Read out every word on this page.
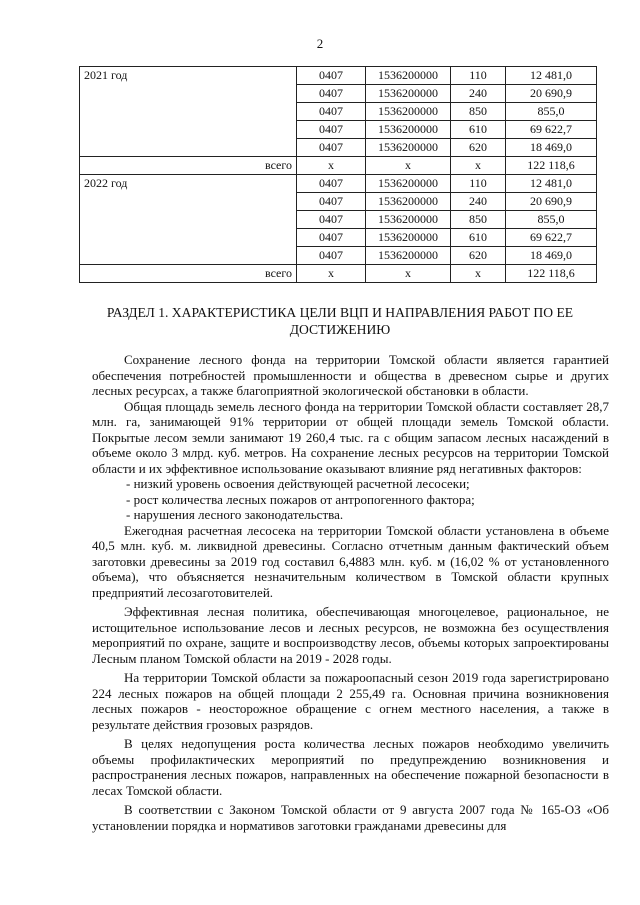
2
2021 год	0407	1536200000	110	12 481,0
	0407	1536200000	240	20 690,9
	0407	1536200000	850	855,0
	0407	1536200000	610	69 622,7
	0407	1536200000	620	18 469,0
всего	х	х	х	122 118,6
2022 год	0407	1536200000	110	12 481,0
	0407	1536200000	240	20 690,9
	0407	1536200000	850	855,0
	0407	1536200000	610	69 622,7
	0407	1536200000	620	18 469,0
всего	х	х	х	122 118,6
РАЗДЕЛ 1. ХАРАКТЕРИСТИКА ЦЕЛИ ВЦП И НАПРАВЛЕНИЯ РАБОТ ПО ЕЕ
ДОСТИЖЕНИЮ

Сохранение лесного фонда на территории Томской области является гарантией обеспечения потребностей промышленности и общества в древесном сырье и других лесных ресурсах, а также благоприятной экологической обстановки в области.

Общая площадь земель лесного фонда на территории Томской области составляет 28,7 млн. га, занимающей 91% территории от общей площади земель Томской области. Покрытые лесом земли занимают 19 260,4 тыс. га с общим запасом лесных насаждений в объеме около 3 млрд. куб. метров. На сохранение лесных ресурсов на территории Томской области и их эффективное использование оказывают влияние ряд негативных факторов:

- низкий уровень освоения действующей расчетной лесосеки;

- рост количества лесных пожаров от антропогенного фактора;

- нарушения лесного законодательства.

Ежегодная расчетная лесосека на территории Томской области установлена в объеме 40,5 млн. куб. м. ликвидной древесины. Согласно отчетным данным фактический объем заготовки древесины за 2019 год составил 6,4883 млн. куб. м (16,02 % от установленного объема), что объясняется незначительным количеством в Томской области крупных предприятий лесозаготовителей.

Эффективная лесная политика, обеспечивающая многоцелевое, рациональное, не истощительное использование лесов и лесных ресурсов, не возможна без осуществления мероприятий по охране, защите и воспроизводству лесов, объемы которых запроектированы Лесным планом Томской области на 2019 - 2028 годы.

На территории Томской области за пожароопасный сезон 2019 года зарегистрировано 224 лесных пожаров на общей площади 2 255,49 га. Основная причина возникновения лесных пожаров - неосторожное обращение с огнем местного населения, а также в результате действия грозовых разрядов.

В целях недопущения роста количества лесных пожаров необходимо увеличить объемы профилактических мероприятий по предупреждению возникновения и распространения лесных пожаров, направленных на обеспечение пожарной безопасности в лесах Томской области.

В соответствии с Законом Томской области от 9 августа 2007 года № 165-ОЗ «Об установлении порядка и нормативов заготовки гражданами древесины для
